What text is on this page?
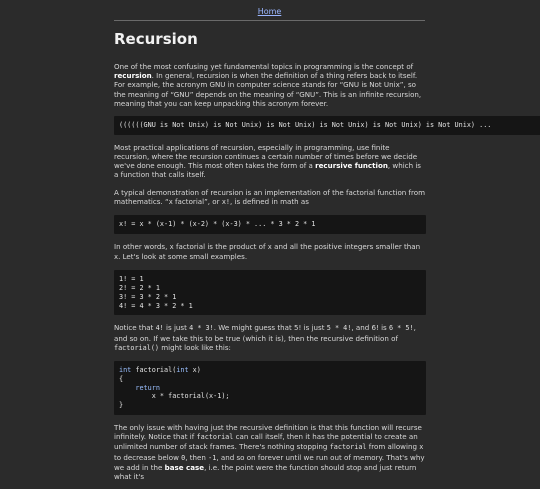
Home
Recursion

One of the most confusing yet fundamental topics in programming is the concept of recursion. In general, recursion is when the definition of a thing refers back to itself. For example, the acronym GNU in computer science stands for “GNU is Not Unix”, so the meaning of “GNU” depends on the meaning of “GNU”. This is an infinite recursion, meaning that you can keep unpacking this acronym forever.

((((((GNU is Not Unix) is Not Unix) is Not Unix) is Not Unix) is Not Unix) is Not Unix) ...

Most practical applications of recursion, especially in programming, use finite recursion, where the recursion continues a certain number of times before we decide we've done enough. This most often takes the form of a recursive function, which is a function that calls itself.

A typical demonstration of recursion is an implementation of the factorial function from mathematics. “x factorial”, or x!, is defined in math as

x! = x * (x-1) * (x-2) * (x-3) * ... * 3 * 2 * 1

In other words, x factorial is the product of x and all the positive integers smaller than x. Let's look at some small examples.

1! = 1
2! = 2 * 1
3! = 3 * 2 * 1
4! = 4 * 3 * 2 * 1

Notice that 4! is just 4 * 3!. We might guess that 5! is just 5 * 4!, and 6! is 6 * 5!, and so on. If we take this to be true (which it is), then the recursive definition of factorial() might look like this:

int factorial(int x)
{
return
x * factorial(x-1);
}

The only issue with having just the recursive definition is that this function will recurse infinitely. Notice that if factorial can call itself, then it has the potential to create an unlimited number of stack frames. There's nothing stopping factorial from allowing x to decrease below 0, then -1, and so on forever until we run out of memory. That's why we add in the base case, i.e. the point were the function should stop and just return what it's
